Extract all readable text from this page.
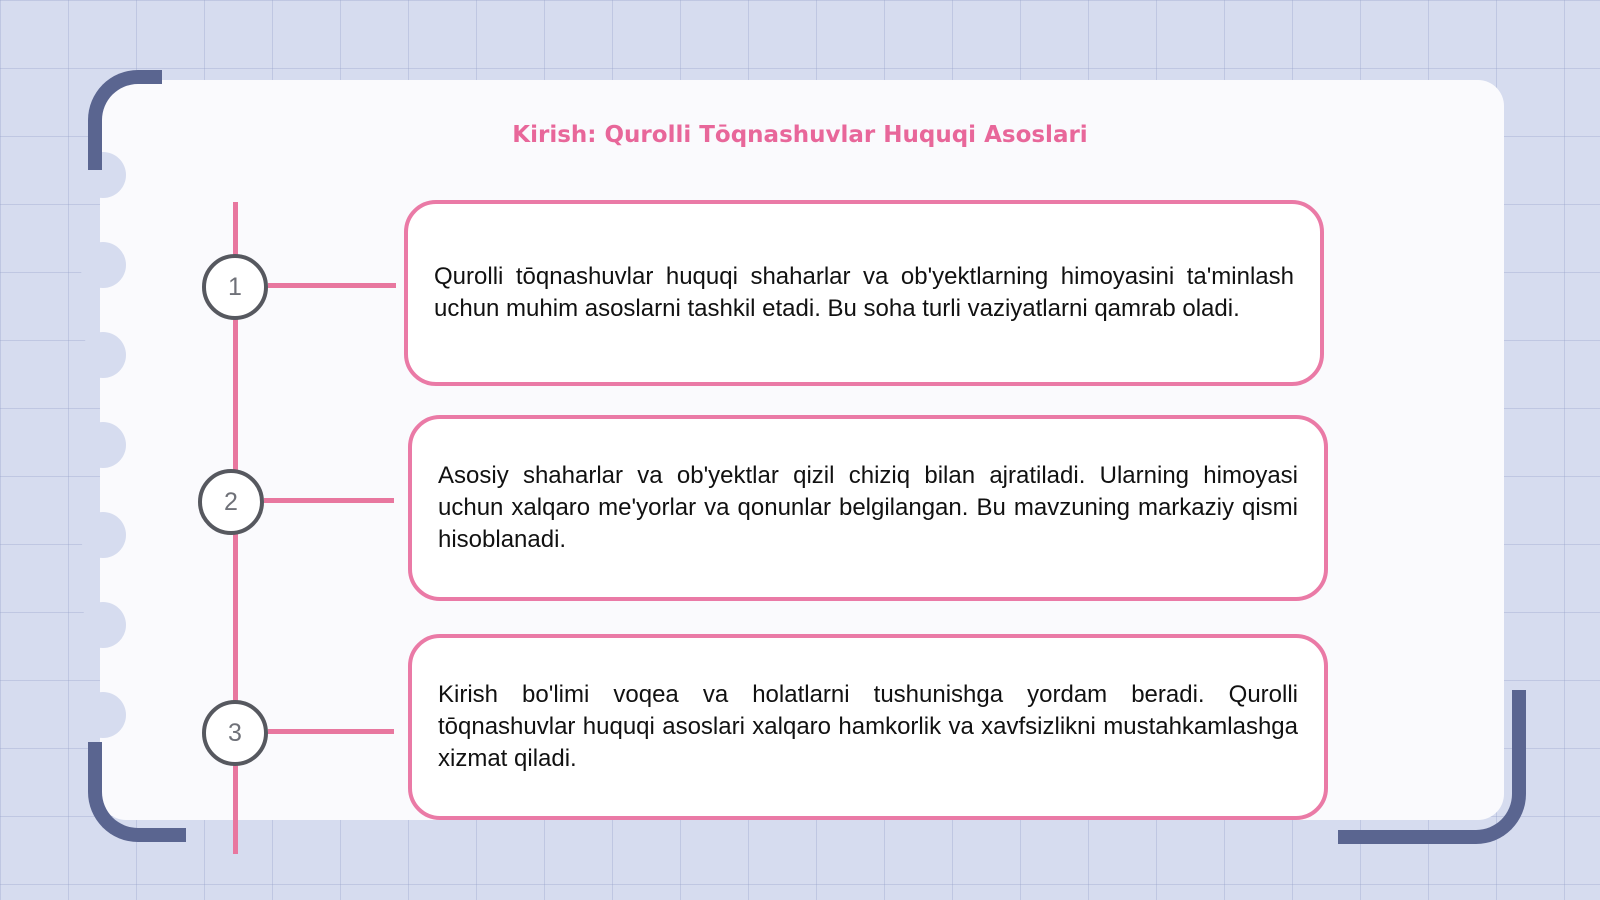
Kirish: Qurolli Tōqnashuvlar Huquqi Asoslari
1	Qurolli tōqnashuvlar huquqi shaharlar va ob'yektlarning himoyasini ta'minlash uchun muhim asoslarni tashkil etadi. Bu soha turli vaziyatlarni qamrab oladi.

2

Asosiy shaharlar va ob'yektlar qizil chiziq bilan ajratiladi. Ularning himoyasi uchun xalqaro me'yorlar va qonunlar belgilangan. Bu mavzuning markaziy qismi hisoblanadi.

3

Kirish bo'limi voqea va holatlarni tushunishga yordam beradi. Qurolli tōqnashuvlar huquqi asoslari xalqaro hamkorlik va xavfsizlikni mustahkamlashga xizmat qiladi.
